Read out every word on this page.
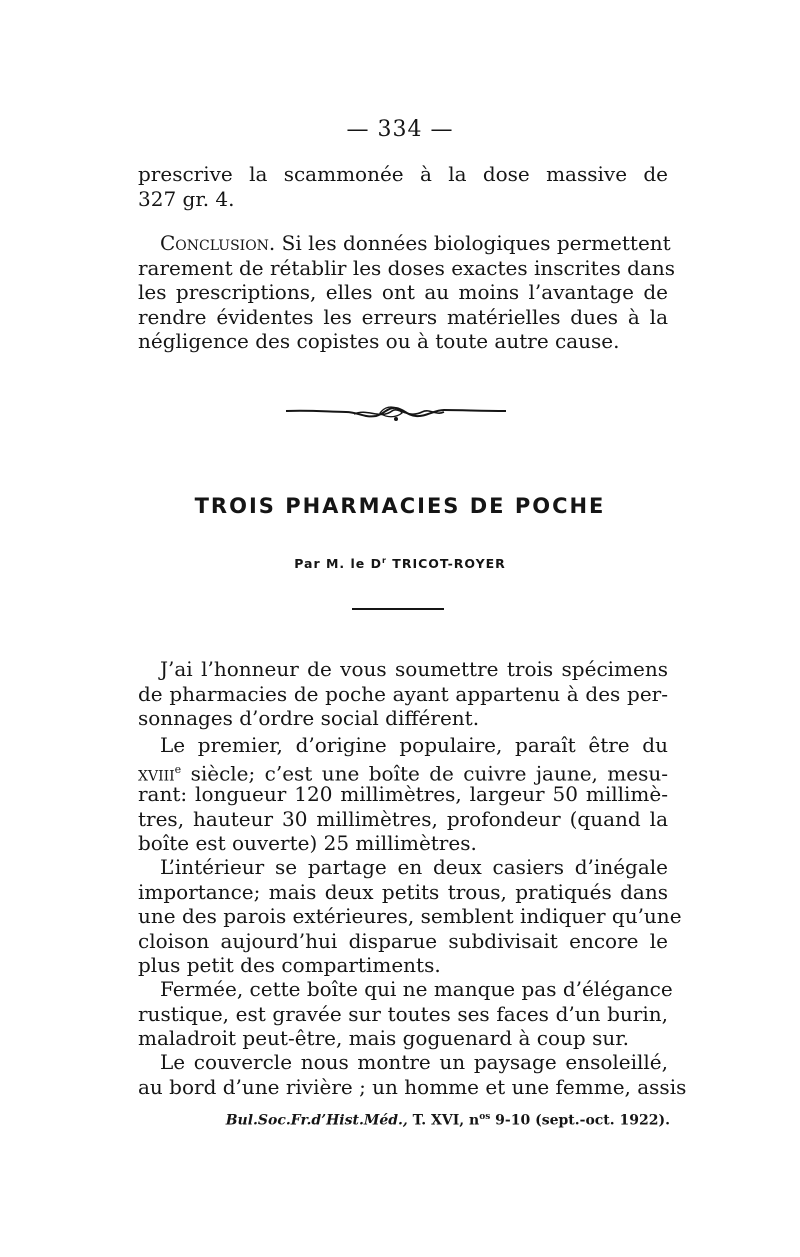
— 334 —
prescrive la scammonée à la dose massive de
327 gr. 4.
Conclusion. Si les données biologiques permettent
rarement de rétablir les doses exactes inscrites dans
les prescriptions, elles ont au moins l’avantage de
rendre évidentes les erreurs matérielles dues à la
négligence des copistes ou à toute autre cause.
TROIS PHARMACIES DE POCHE
Par M. le $D^r$ TRICOT-ROYER
J’ai l’honneur de vous soumettre trois spécimens
de pharmacies de poche ayant appartenu à des per-
sonnages d’ordre social différent.
Le premier, d’origine populaire, paraît être du
xviii$^e$ siècle; c’est une boîte de cuivre jaune, mesu-
rant: longueur 120 millimètres, largeur 50 millimè-
tres, hauteur 30 millimètres, profondeur (quand la
boîte est ouverte) 25 millimètres.
L’intérieur se partage en deux casiers d’inégale
importance; mais deux petits trous, pratiqués dans
une des parois extérieures, semblent indiquer qu’une
cloison aujourd’hui disparue subdivisait encore le
plus petit des compartiments.
Fermée, cette boîte qui ne manque pas d’élégance
rustique, est gravée sur toutes ses faces d’un burin,
maladroit peut-être, mais goguenard à coup sur.
Le couvercle nous montre un paysage ensoleillé,
au bord d’une rivière ; un homme et une femme, assis
Bul.Soc.Fr.d’Hist.Méd., T. XVI, $n^{os}$ 9-10 (sept.-oct. 1922).
